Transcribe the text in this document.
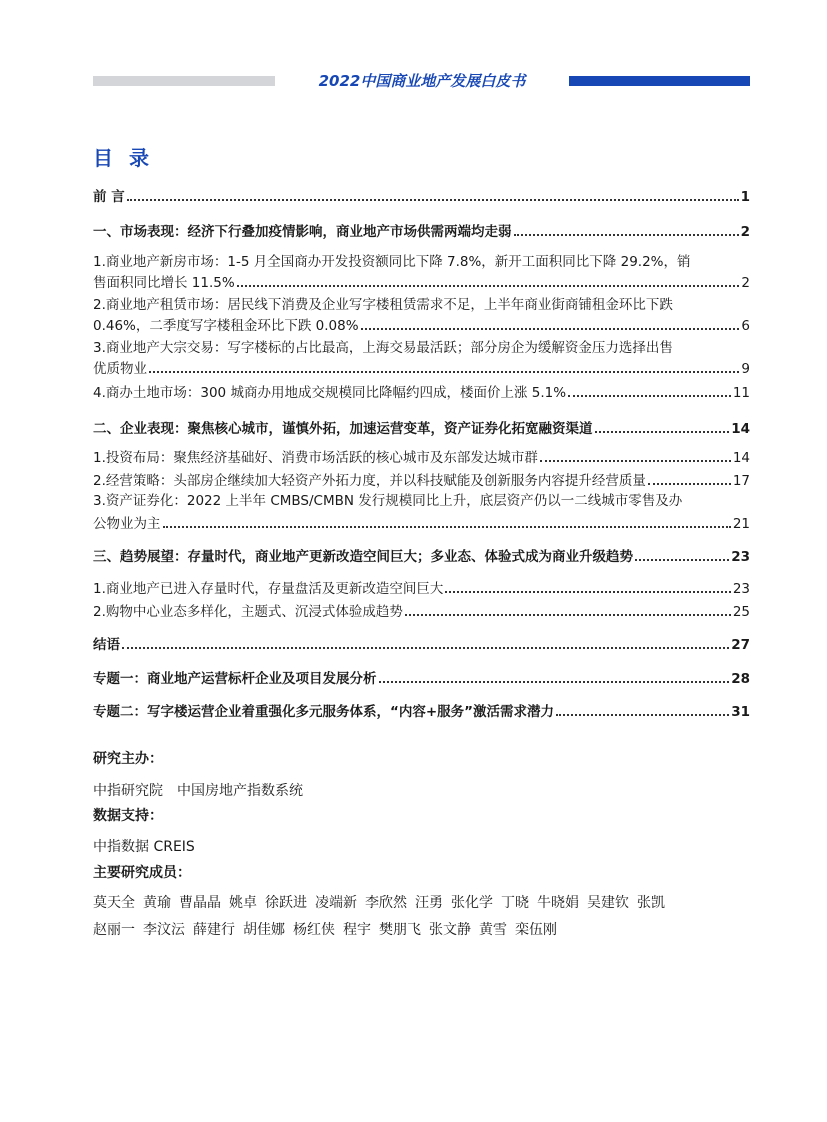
2022中国商业地产发展白皮书
目录
前 言	1
一、市场表现：经济下行叠加疫情影响，商业地产市场供需两端均走弱	2
1.商业地产新房市场：1-5 月全国商办开发投资额同比下降 7.8%，新开工面积同比下降 29.2%，销
售面积同比增长 11.5%	2
2.商业地产租赁市场：居民线下消费及企业写字楼租赁需求不足，上半年商业街商铺租金环比下跌
0.46%，二季度写字楼租金环比下跌 0.08%	6
3.商业地产大宗交易：写字楼标的占比最高，上海交易最活跃；部分房企为缓解资金压力选择出售
优质物业	9
4.商办土地市场：300 城商办用地成交规模同比降幅约四成，楼面价上涨 5.1%	11
二、企业表现：聚焦核心城市，谨慎外拓，加速运营变革，资产证券化拓宽融资渠道	14
1.投资布局：聚焦经济基础好、消费市场活跃的核心城市及东部发达城市群	14
2.经营策略：头部房企继续加大轻资产外拓力度，并以科技赋能及创新服务内容提升经营质量	17
3.资产证券化：2022 上半年 CMBS/CMBN 发行规模同比上升，底层资产仍以一二线城市零售及办
公物业为主	21
三、趋势展望：存量时代，商业地产更新改造空间巨大；多业态、体验式成为商业升级趋势	23
1.商业地产已进入存量时代，存量盘活及更新改造空间巨大	23
2.购物中心业态多样化，主题式、沉浸式体验成趋势	25
结语	27
专题一：商业地产运营标杆企业及项目发展分析	28
专题二：写字楼运营企业着重强化多元服务体系，“内容+服务”激活需求潜力	31
研究主办：
中指研究院　中国房地产指数系统
数据支持：
中指数据 CREIS
主要研究成员：
莫天全 黄瑜 曹晶晶 姚卓 徐跃进 凌端新 李欣然 汪勇 张化学 丁晓 牛晓娟 吴建钦 张凯
赵丽一 李汶沄 薛建行 胡佳娜 杨红侠 程宇 樊朋飞 张文静 黄雪 栾伍刚
